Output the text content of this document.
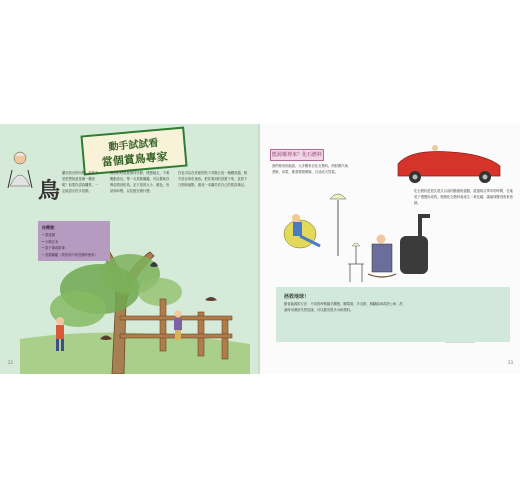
動手試試看
當個賞鳥專家
鳥
聽到鳥兒的叫聲，你是不是很想知道是哪一種鳥呢？如果你認真觀察，一定能認出許多鳥類。
賞鳥的時候要保持安靜，慢慢地走，不要驚動鳥兒。帶一本鳥類圖鑑，可以幫助你辨認看到的鳥。記下鳥的大小、顏色、形狀和叫聲，以及牠在做什麼。
你也可以在家裡的院子或陽台放一個餵鳥器，吸引鳥兒來吃東西。把你看到的鳥畫下來，並寫下日期和地點，做成一本屬於你自己的賞鳥筆記。
你需要：
• 望遠鏡
• 小筆記本
• 原子筆或鉛筆
• 鳥類圖鑑（供找到不同鳥類時使用）
22
能源哪裡來？化石燃料
我們使用的能源，大多數來自化石燃料。例如開汽車、煮飯、用電，都需要燃燒煤、石油或天然氣。
化石燃料是很久很久以前的動植物遺骸，經過幾百萬年的時間，在地底下慢慢形成的。燃燒化石燃料會產生二氧化碳，讓地球變得愈來愈熱。
拯救地球！
節省能源的方法：不用的時候隨手關燈、關電視；多走路、騎腳踏車或搭公車；洗澡時用淋浴代替泡澡，可以節省很多水和燃料。
23
